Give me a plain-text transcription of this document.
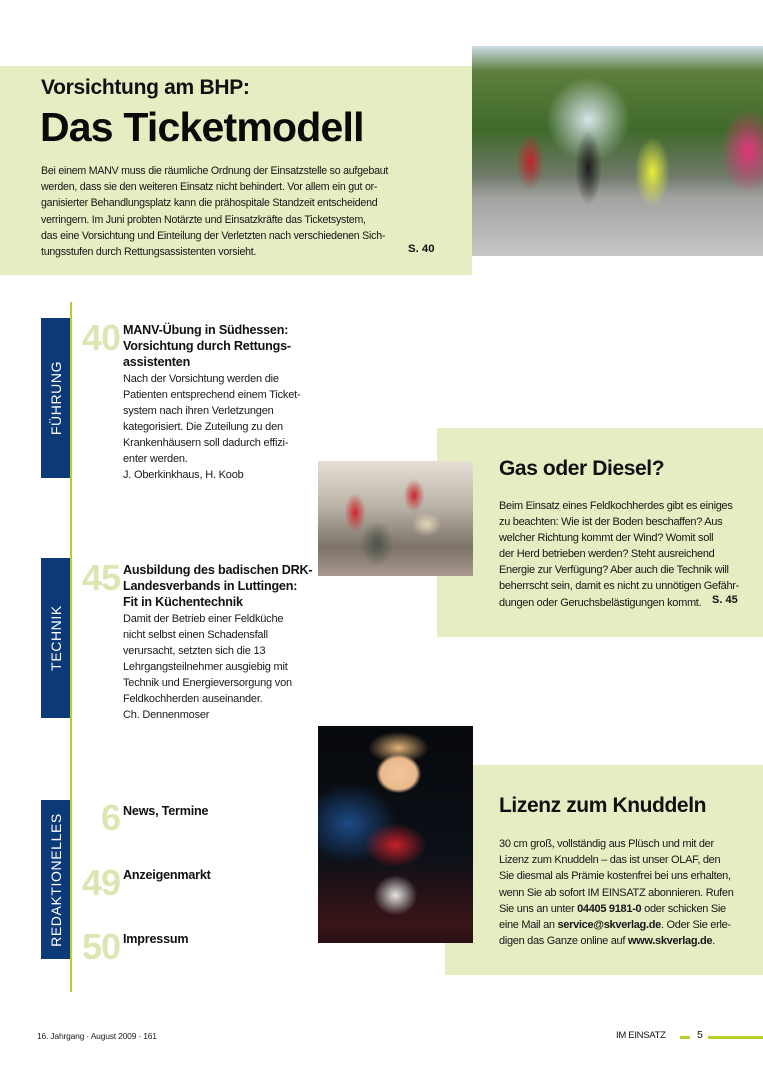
Vorsichtung am BHP:
Das Ticketmodell
Bei einem MANV muss die räumliche Ordnung der Einsatzstelle so aufgebaut
werden, dass sie den weiteren Einsatz nicht behindert. Vor allem ein gut or-
ganisierter Behandlungsplatz kann die prähospitale Standzeit entscheidend
verringern. Im Juni probten Notärzte und Einsatzkräfte das Ticketsystem,
das eine Vorsichtung und Einteilung der Verletzten nach verschiedenen Sich-
tungsstufen durch Rettungsassistenten vorsieht.	S. 40
FÜHRUNG
TECHNIK
REDAKTIONELLES
40 MANV-Übung in Südhessen:
Vorsichtung durch Rettungs-
assistenten
Nach der Vorsichtung werden die
Patienten entsprechend einem Ticket-
system nach ihren Verletzungen
kategorisiert. Die Zuteilung zu den
Krankenhäusern soll dadurch effizi-
enter werden.
J. Oberkinkhaus, H. Koob
45 Ausbildung des badischen DRK-
Landesverbands in Luttingen:
Fit in Küchentechnik
Damit der Betrieb einer Feldküche
nicht selbst einen Schadensfall
verursacht, setzten sich die 13
Lehrgangsteilnehmer ausgiebig mit
Technik und Energieversorgung von
Feldkochherden auseinander.
Ch. Dennenmoser
6 News, Termine
49 Anzeigenmarkt
50 Impressum
Gas oder Diesel?
Beim Einsatz eines Feldkochherdes gibt es einiges
zu beachten: Wie ist der Boden beschaffen? Aus
welcher Richtung kommt der Wind? Womit soll
der Herd betrieben werden? Steht ausreichend
Energie zur Verfügung? Aber auch die Technik will
beherrscht sein, damit es nicht zu unnötigen Gefähr-
dungen oder Geruchsbelästigungen kommt. S. 45
Lizenz zum Knuddeln
30 cm groß, vollständig aus Plüsch und mit der
Lizenz zum Knuddeln – das ist unser OLAF, den
Sie diesmal als Prämie kostenfrei bei uns erhalten,
wenn Sie ab sofort IM EINSATZ abonnieren. Rufen
Sie uns an unter 04405 9181-0 oder schicken Sie
eine Mail an service@skverlag.de. Oder Sie erle-
digen das Ganze online auf www.skverlag.de.
16. Jahrgang · August 2009 · 161	IM EINSATZ	5
